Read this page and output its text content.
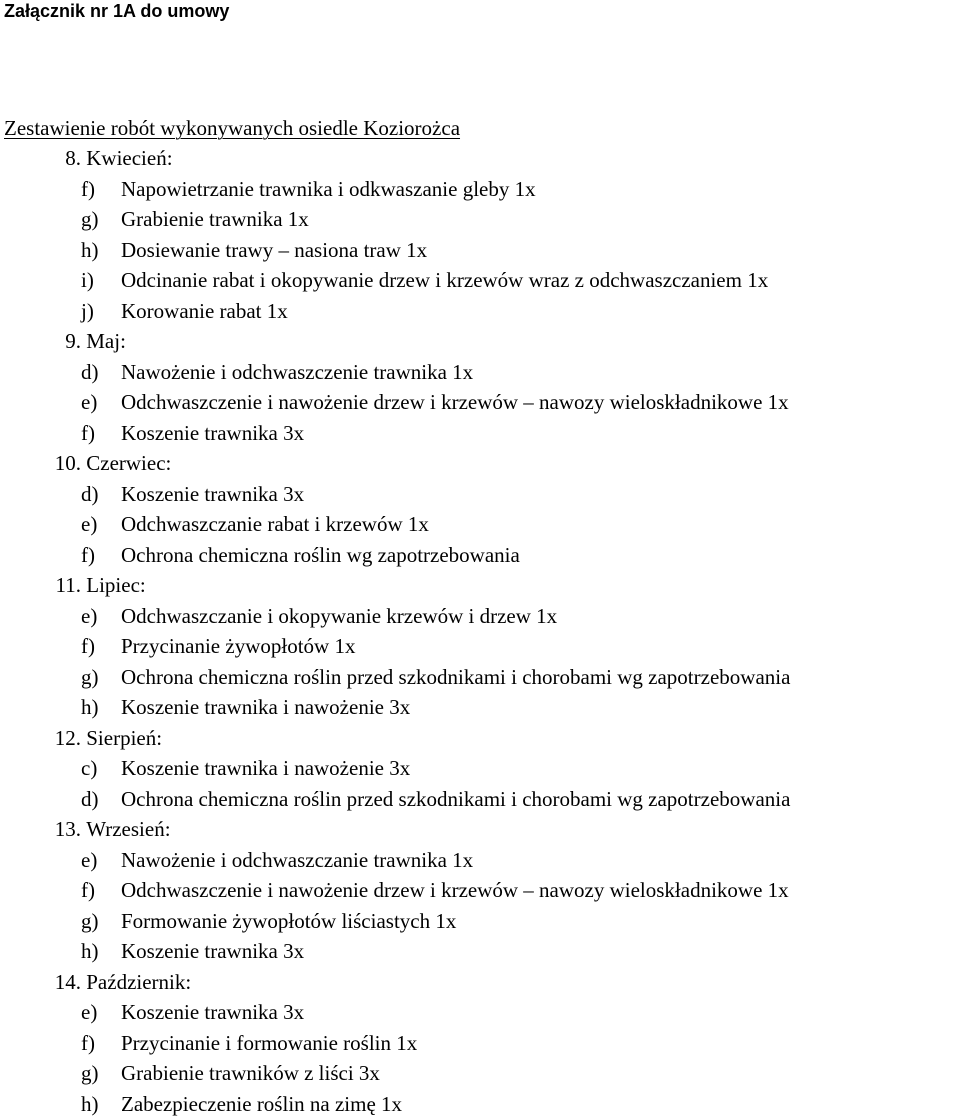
Załącznik nr 1A do umowy

Zestawienie robót wykonywanych osiedle Koziorożca
8. Kwiecień:
f)	Napowietrzanie trawnika i odkwaszanie gleby 1x
g)	Grabienie trawnika 1x
h)	Dosiewanie trawy – nasiona traw 1x
i)	Odcinanie rabat i okopywanie drzew i krzewów wraz z odchwaszczaniem 1x
j)	Korowanie rabat 1x
9. Maj:
d)	Nawożenie i odchwaszczenie trawnika 1x
e)	Odchwaszczenie i nawożenie drzew i krzewów – nawozy wieloskładnikowe 1x
f)	Koszenie trawnika 3x
10. Czerwiec:
d)	Koszenie trawnika 3x
e)	Odchwaszczanie rabat i krzewów 1x
f)	Ochrona chemiczna roślin wg zapotrzebowania
11. Lipiec:
e)	Odchwaszczanie i okopywanie krzewów i drzew 1x
f)	Przycinanie żywopłotów 1x
g)	Ochrona chemiczna roślin przed szkodnikami i chorobami wg zapotrzebowania
h)	Koszenie trawnika i nawożenie 3x
12. Sierpień:
c)	Koszenie trawnika i nawożenie 3x
d)	Ochrona chemiczna roślin przed szkodnikami i chorobami wg zapotrzebowania
13. Wrzesień:
e)	Nawożenie i odchwaszczanie trawnika 1x
f)	Odchwaszczenie i nawożenie drzew i krzewów – nawozy wieloskładnikowe 1x
g)	Formowanie żywopłotów liściastych 1x
h)	Koszenie trawnika 3x
14. Październik:
e)	Koszenie trawnika 3x
f)	Przycinanie i formowanie roślin 1x
g)	Grabienie trawników z liści 3x
h)	Zabezpieczenie roślin na zimę 1x
